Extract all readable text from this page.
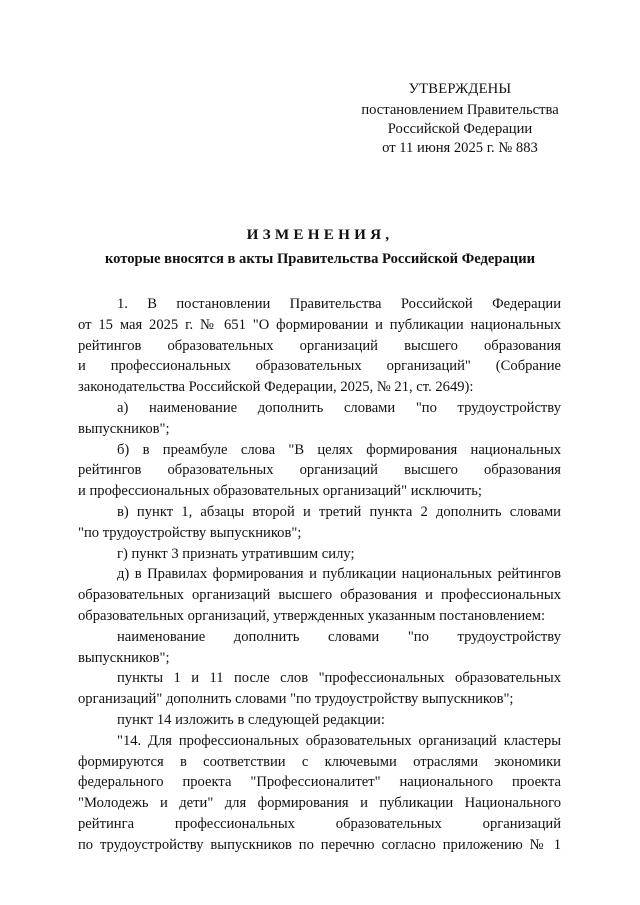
УТВЕРЖДЕНЫ
постановлением Правительства
Российской Федерации
от 11 июня 2025 г. № 883
ИЗМЕНЕНИЯ,
которые вносятся в акты Правительства Российской Федерации
1. В постановлении Правительства Российской Федерации
от 15 мая 2025 г. № 651 "О формировании и публикации национальных
рейтингов образовательных организаций высшего образования
и профессиональных образовательных организаций" (Собрание
законодательства Российской Федерации, 2025, № 21, ст. 2649):
а) наименование дополнить словами "по трудоустройству
выпускников";
б) в преамбуле слова "В целях формирования национальных
рейтингов образовательных организаций высшего образования
и профессиональных образовательных организаций" исключить;
в) пункт 1, абзацы второй и третий пункта 2 дополнить словами
"по трудоустройству выпускников";
г) пункт 3 признать утратившим силу;
д) в Правилах формирования и публикации национальных рейтингов
образовательных организаций высшего образования и профессиональных
образовательных организаций, утвержденных указанным постановлением:
наименование дополнить словами "по трудоустройству
выпускников";
пункты 1 и 11 после слов "профессиональных образовательных
организаций" дополнить словами "по трудоустройству выпускников";
пункт 14 изложить в следующей редакции:
"14. Для профессиональных образовательных организаций кластеры
формируются в соответствии с ключевыми отраслями экономики
федерального проекта "Профессионалитет" национального проекта
"Молодежь и дети" для формирования и публикации Национального
рейтинга профессиональных образовательных организаций
по трудоустройству выпускников по перечню согласно приложению № 1
